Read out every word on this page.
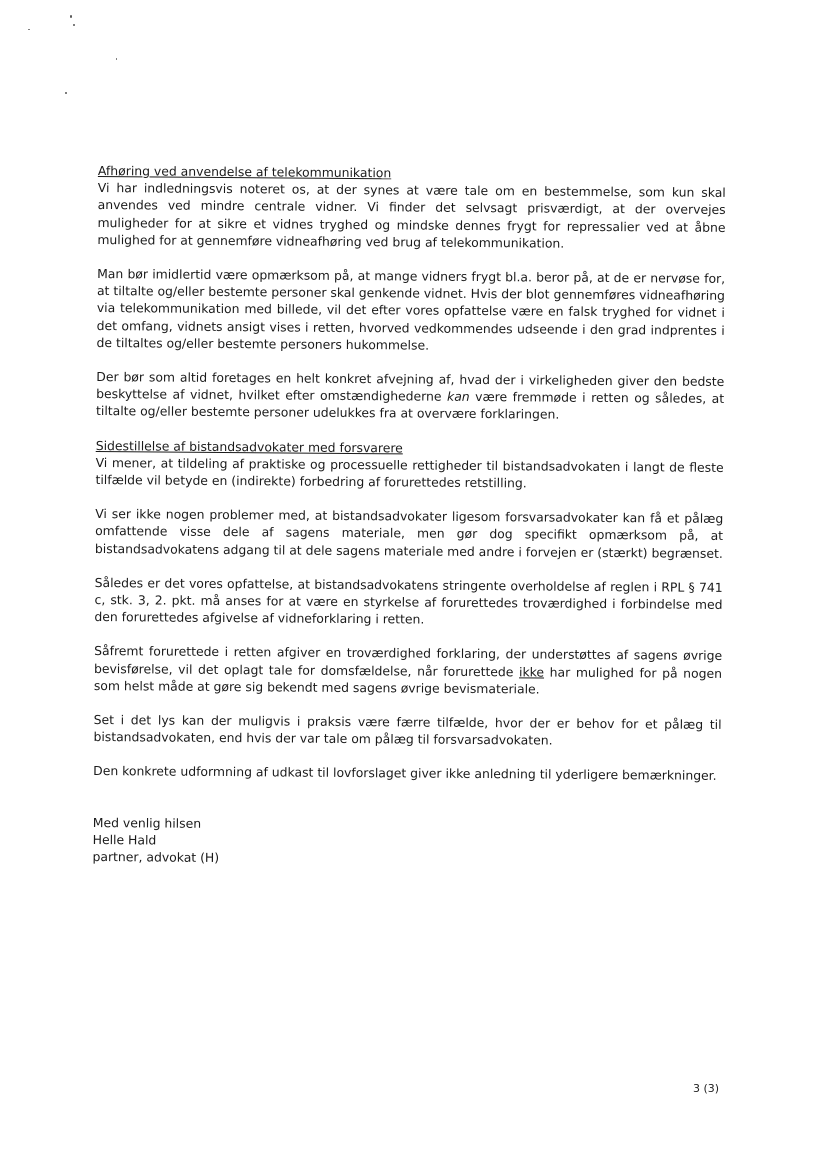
Afhøring ved anvendelse af telekommunikation

Vi har indledningsvis noteret os, at der synes at være tale om en bestemmelse, som kun skal anvendes ved mindre centrale vidner. Vi finder det selvsagt prisværdigt, at der overvejes muligheder for at sikre et vidnes tryghed og mindske dennes frygt for repressalier ved at åbne mulighed for at gennemføre vidneafhøring ved brug af telekommunikation.

Man bør imidlertid være opmærksom på, at mange vidners frygt bl.a. beror på, at de er nervøse for, at tiltalte og/eller bestemte personer skal genkende vidnet. Hvis der blot gennemføres vidneafhøring via telekommunikation med billede, vil det efter vores opfattelse være en falsk tryghed for vidnet i det omfang, vidnets ansigt vises i retten, hvorved vedkommendes udseende i den grad indprentes i de tiltaltes og/eller bestemte personers hukommelse.

Der bør som altid foretages en helt konkret afvejning af, hvad der i virkeligheden giver den bedste beskyttelse af vidnet, hvilket efter omstændighederne kan være fremmøde i retten og således, at tiltalte og/eller bestemte personer udelukkes fra at overvære forklaringen.

Sidestillelse af bistandsadvokater med forsvarere

Vi mener, at tildeling af praktiske og processuelle rettigheder til bistandsadvokaten i langt de fleste tilfælde vil betyde en (indirekte) forbedring af forurettedes retstilling.

Vi ser ikke nogen problemer med, at bistandsadvokater ligesom forsvarsadvokater kan få et pålæg omfattende visse dele af sagens materiale, men gør dog specifikt opmærksom på, at bistandsadvokatens adgang til at dele sagens materiale med andre i forvejen er (stærkt) begrænset.

Således er det vores opfattelse, at bistandsadvokatens stringente overholdelse af reglen i RPL § 741 c, stk. 3, 2. pkt. må anses for at være en styrkelse af forurettedes troværdighed i forbindelse med den forurettedes afgivelse af vidneforklaring i retten.

Såfremt forurettede i retten afgiver en troværdighed forklaring, der understøttes af sagens øvrige bevisførelse, vil det oplagt tale for domsfældelse, når forurettede ikke har mulighed for på nogen som helst måde at gøre sig bekendt med sagens øvrige bevismateriale.

Set i det lys kan der muligvis i praksis være færre tilfælde, hvor der er behov for et pålæg til bistandsadvokaten, end hvis der var tale om pålæg til forsvarsadvokaten.

Den konkrete udformning af udkast til lovforslaget giver ikke anledning til yderligere bemærkninger.

Med venlig hilsen
Helle Hald
partner, advokat (H)
3 (3)
